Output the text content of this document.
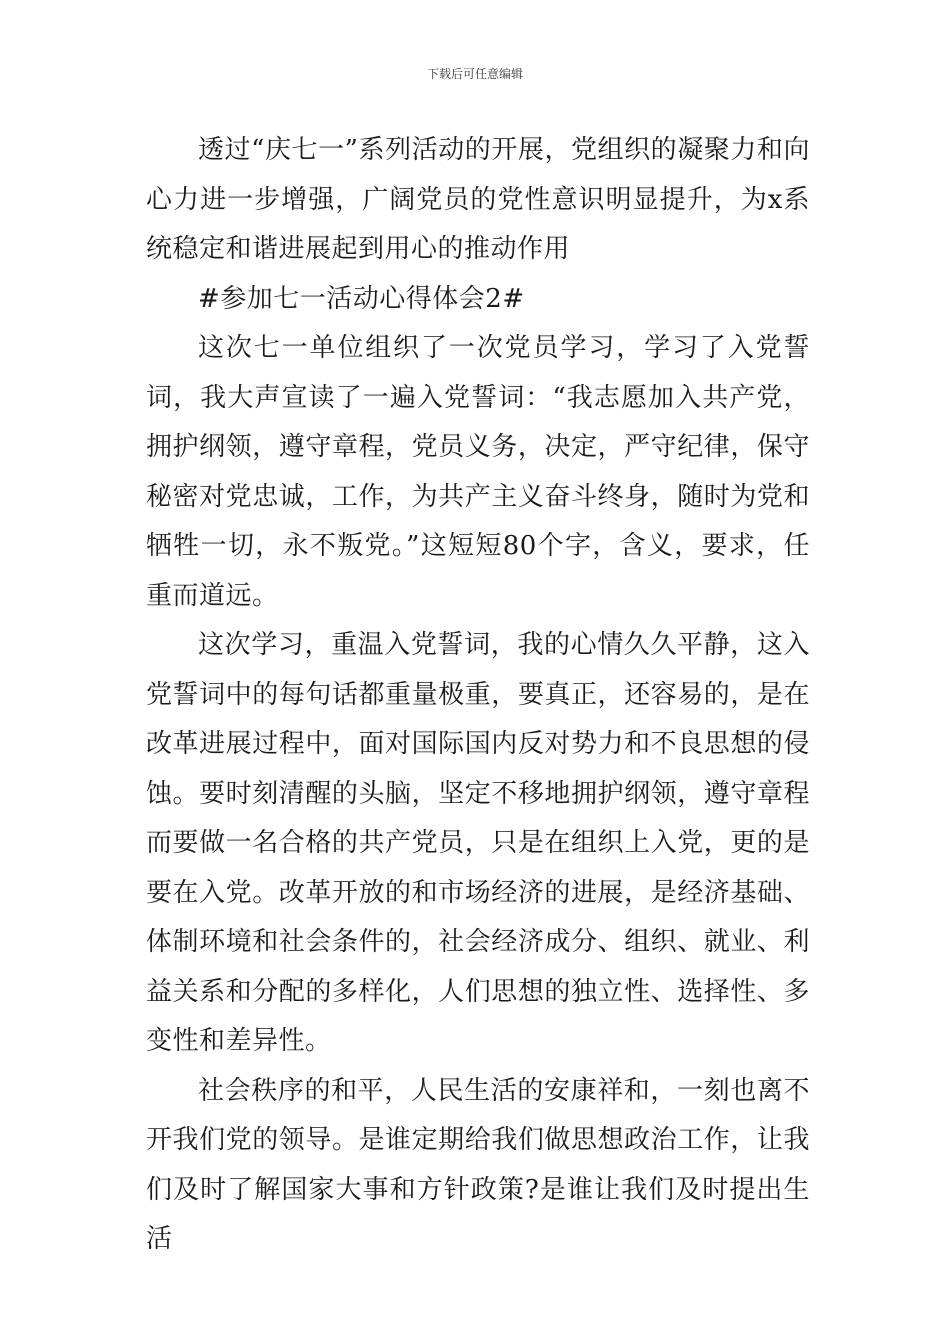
下载后可任意编辑

透过“庆七一”系列活动的开展，党组织的凝聚力和向心力进一步增强，广阔党员的党性意识明显提升，为x系统稳定和谐进展起到用心的推动作用

#参加七一活动心得体会2#

这次七一单位组织了一次党员学习，学习了入党誓词，我大声宣读了一遍入党誓词：“我志愿加入共产党，拥护纲领，遵守章程，党员义务，决定，严守纪律，保守秘密对党忠诚，工作，为共产主义奋斗终身，随时为党和牺牲一切，永不叛党。”这短短80个字，含义，要求，任重而道远。

这次学习，重温入党誓词，我的心情久久平静，这入党誓词中的每句话都重量极重，要真正，还容易的，是在改革进展过程中，面对国际国内反对势力和不良思想的侵蚀。要时刻清醒的头脑，坚定不移地拥护纲领，遵守章程而要做一名合格的共产党员，只是在组织上入党，更的是要在入党。改革开放的和市场经济的进展，是经济基础、体制环境和社会条件的，社会经济成分、组织、就业、利益关系和分配的多样化，人们思想的独立性、选择性、多变性和差异性。

社会秩序的和平，人民生活的安康祥和，一刻也离不开我们党的领导。是谁定期给我们做思想政治工作，让我们及时了解国家大事和方针政策?是谁让我们及时提出生活
